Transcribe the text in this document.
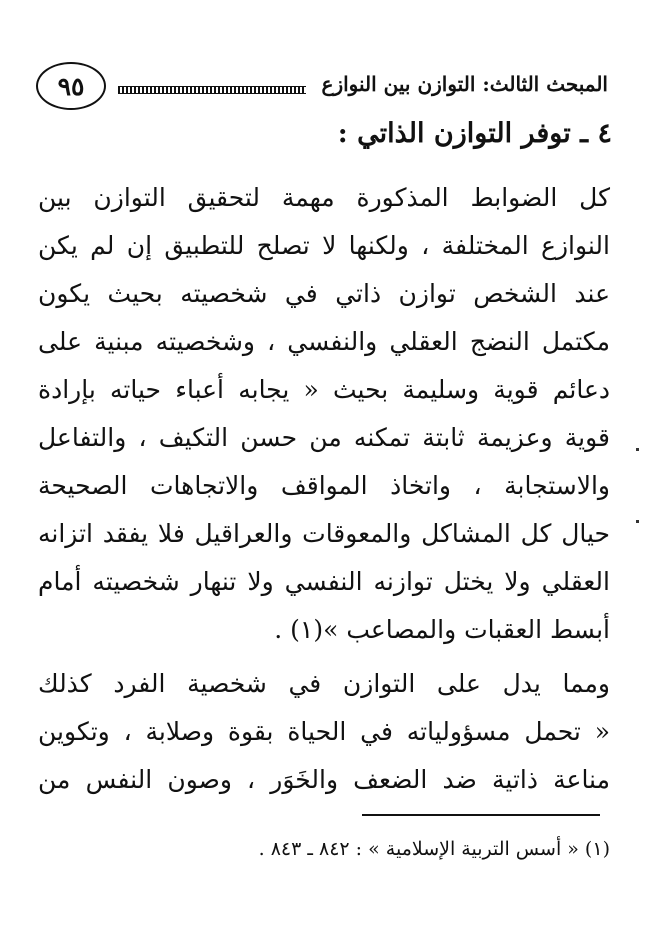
٩٥	المبحث الثالث: التوازن بين النوازع
٤ ـ توفر التوازن الذاتي :
كل الضوابط المذكورة مهمة لتحقيق التوازن بين
النوازع المختلفة ، ولكنها لا تصلح للتطبيق إن لم يكن
عند الشخص توازن ذاتي في شخصيته بحيث يكون
مكتمل النضج العقلي والنفسي ، وشخصيته مبنية على
دعائم قوية وسليمة بحيث « يجابه أعباء حياته بإرادة
قوية وعزيمة ثابتة تمكنه من حسن التكيف ، والتفاعل
والاستجابة ، واتخاذ المواقف والاتجاهات الصحيحة
حيال كل المشاكل والمعوقات والعراقيل فلا يفقد اتزانه
العقلي ولا يختل توازنه النفسي ولا تنهار شخصيته أمام
أبسط العقبات والمصاعب »(١) .
ومما يدل على التوازن في شخصية الفرد كذلك
« تحمل مسؤولياته في الحياة بقوة وصلابة ، وتكوين
مناعة ذاتية ضد الضعف والخَوَر ، وصون النفس من
(١) « أسس التربية الإسلامية » : ٨٤٢ ـ ٨٤٣ .
